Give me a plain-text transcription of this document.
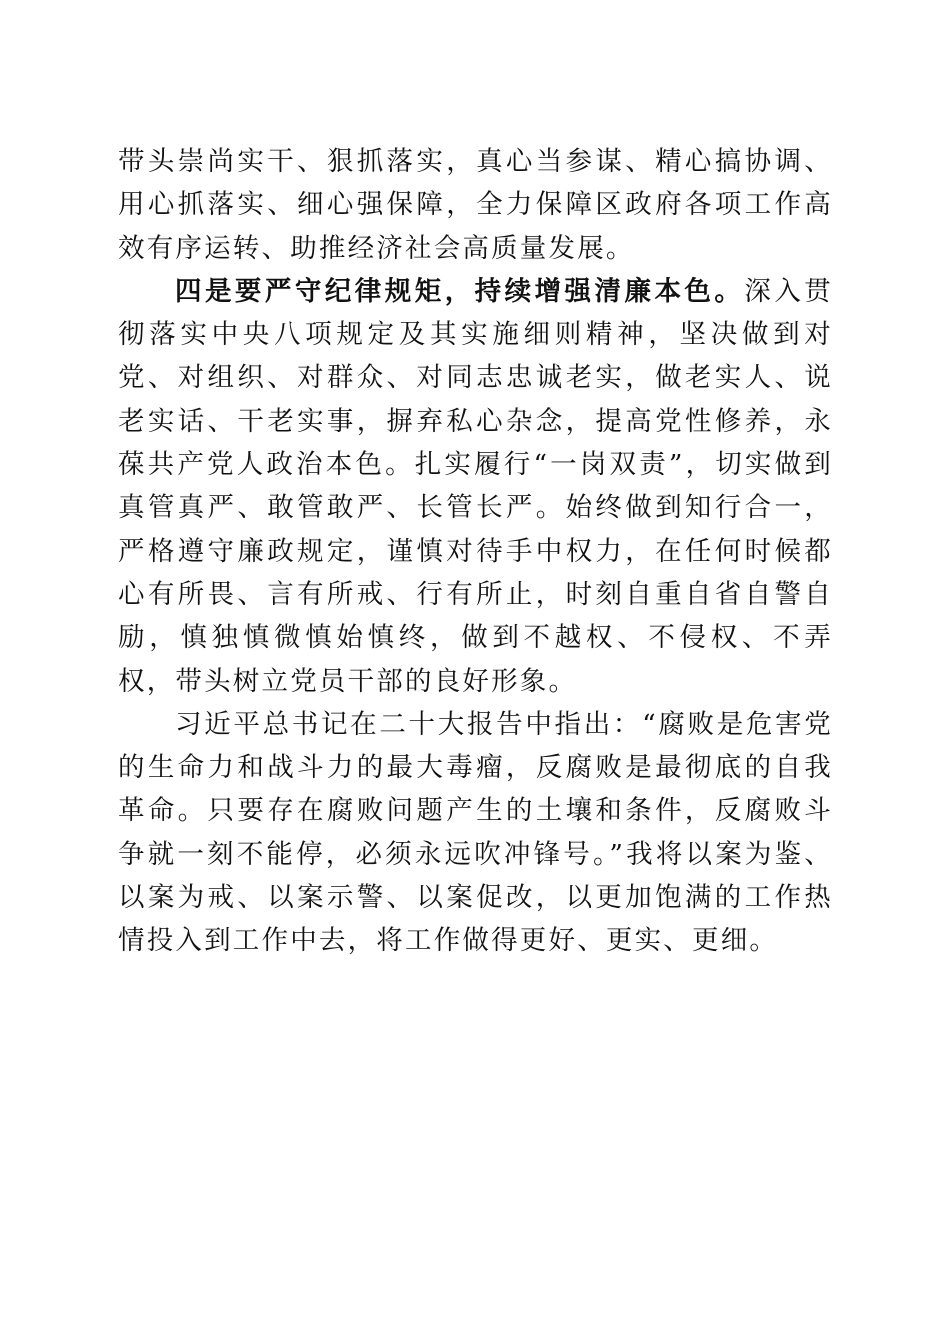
带头崇尚实干、狠抓落实，真心当参谋、精心搞协调、用心抓落实、细心强保障，全力保障区政府各项工作高效有序运转、助推经济社会高质量发展。

四是要严守纪律规矩，持续增强清廉本色。深入贯彻落实中央八项规定及其实施细则精神，坚决做到对党、对组织、对群众、对同志忠诚老实，做老实人、说老实话、干老实事，摒弃私心杂念，提高党性修养，永葆共产党人政治本色。扎实履行“一岗双责”，切实做到真管真严、敢管敢严、长管长严。始终做到知行合一，严格遵守廉政规定，谨慎对待手中权力，在任何时候都心有所畏、言有所戒、行有所止，时刻自重自省自警自励，慎独慎微慎始慎终，做到不越权、不侵权、不弄权，带头树立党员干部的良好形象。

习近平总书记在二十大报告中指出：“腐败是危害党的生命力和战斗力的最大毒瘤，反腐败是最彻底的自我革命。只要存在腐败问题产生的土壤和条件，反腐败斗争就一刻不能停，必须永远吹冲锋号。”我将以案为鉴、以案为戒、以案示警、以案促改，以更加饱满的工作热情投入到工作中去，将工作做得更好、更实、更细。
